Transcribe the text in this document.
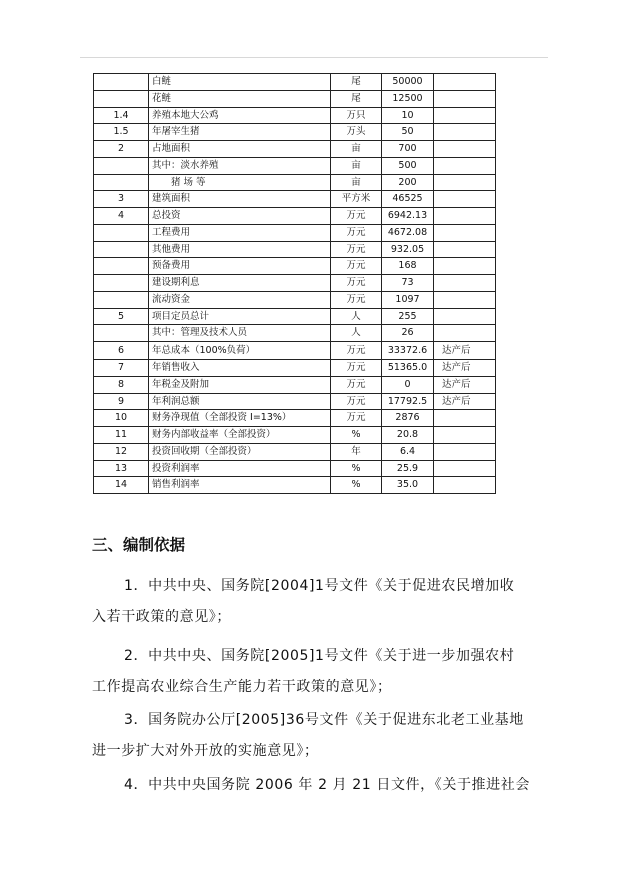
	白鲢	尾	50000	
	花鲢	尾	12500	
1.4	养殖本地大公鸡	万只	10	
1.5	年屠宰生猪	万头	50	
2	占地面积	亩	700	
	其中：淡水养殖	亩	500	
	　　猪 场 等	亩	200	
3	建筑面积	平方米	46525	
4	总投资	万元	6942.13	
	工程费用	万元	4672.08	
	其他费用	万元	932.05	
	预备费用	万元	168	
	建设期利息	万元	73	
	流动资金	万元	1097	
5	项目定员总计	人	255	
	其中：管理及技术人员	人	26	
6	年总成本（100%负荷）	万元	33372.6	达产后
7	年销售收入	万元	51365.0	达产后
8	年税金及附加	万元	0	达产后
9	年利润总额	万元	17792.5	达产后
10	财务净现值（全部投资 I=13%）	万元	2876	
11	财务内部收益率（全部投资）	%	20.8	
12	投资回收期（全部投资）	年	6.4	
13	投资利润率	%	25.9	
14	销售利润率	%	35.0	
三、编制依据

1．中共中央、国务院[2004]1号文件《关于促进农民增加收
入若干政策的意见》；

2．中共中央、国务院[2005]1号文件《关于进一步加强农村
工作提高农业综合生产能力若干政策的意见》；

3．国务院办公厅[2005]36号文件《关于促进东北老工业基地
进一步扩大对外开放的实施意见》；

4．中共中央国务院 2006 年 2 月 21 日文件，《关于推进社会
